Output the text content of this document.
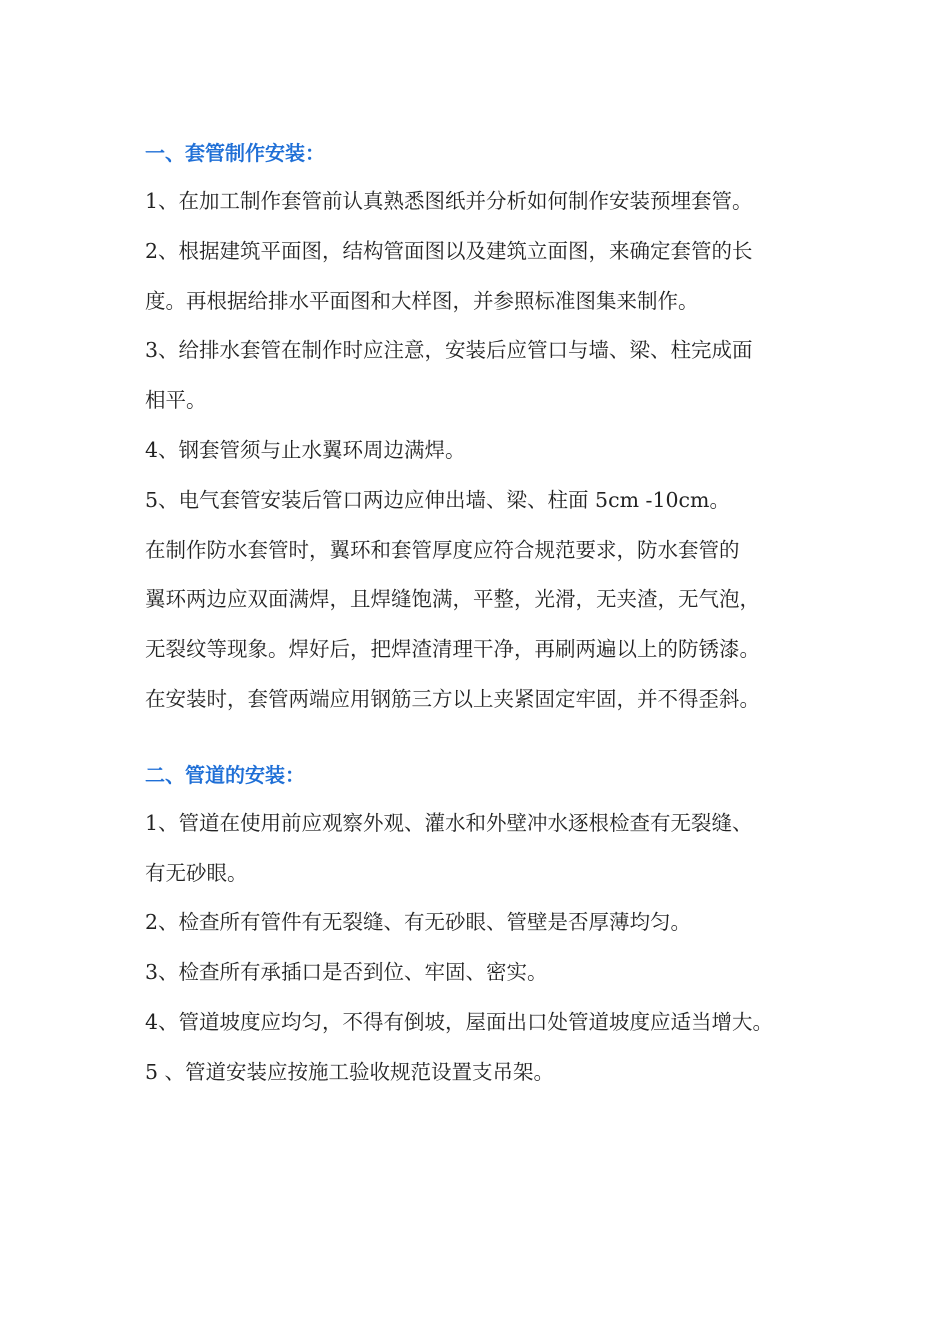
一、套管制作安装：

1、在加工制作套管前认真熟悉图纸并分析如何制作安装预埋套管。

2、根据建筑平面图，结构管面图以及建筑立面图，来确定套管的长

度。再根据给排水平面图和大样图，并参照标准图集来制作。

3、给排水套管在制作时应注意，安装后应管口与墙、梁、柱完成面

相平。

4、钢套管须与止水翼环周边满焊。

5、电气套管安装后管口两边应伸出墙、梁、柱面 5cm -10cm。

在制作防水套管时，翼环和套管厚度应符合规范要求，防水套管的

翼环两边应双面满焊，且焊缝饱满，平整，光滑，无夹渣，无气泡，

无裂纹等现象。焊好后，把焊渣清理干净，再刷两遍以上的防锈漆。

在安装时，套管两端应用钢筋三方以上夹紧固定牢固，并不得歪斜。

二、管道的安装：

1、管道在使用前应观察外观、灌水和外壁冲水逐根检查有无裂缝、

有无砂眼。

2、检查所有管件有无裂缝、有无砂眼、管壁是否厚薄均匀。

3、检查所有承插口是否到位、牢固、密实。

4、管道坡度应均匀，不得有倒坡，屋面出口处管道坡度应适当增大。

5 、管道安装应按施工验收规范设置支吊架。
